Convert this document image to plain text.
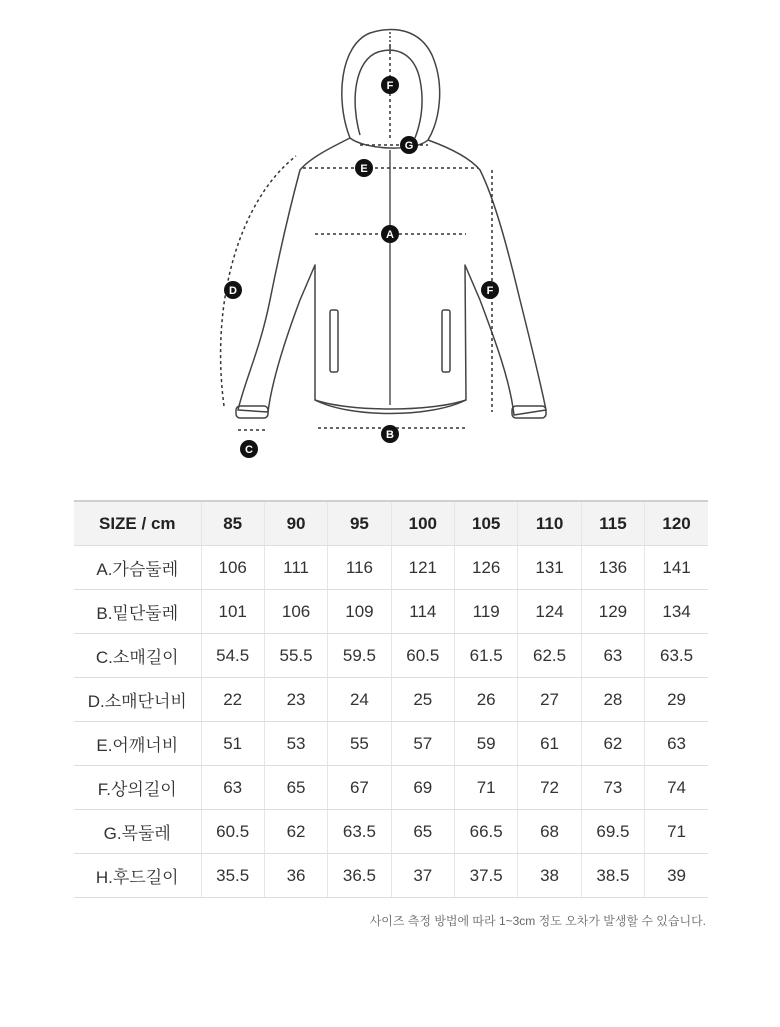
A
B
C
D
E
F
F
G
SIZE / cm	85	90	95	100	105	110	115	120
A.가슴둘레	106	111	116	121	126	131	136	141
B.밑단둘레	101	106	109	114	119	124	129	134
C.소매길이	54.5	55.5	59.5	60.5	61.5	62.5	63	63.5
D.소매단너비	22	23	24	25	26	27	28	29
E.어깨너비	51	53	55	57	59	61	62	63
F.상의길이	63	65	67	69	71	72	73	74
G.목둘레	60.5	62	63.5	65	66.5	68	69.5	71
H.후드길이	35.5	36	36.5	37	37.5	38	38.5	39
사이즈 측정 방법에 따라 1~3cm 정도 오차가 발생할 수 있습니다.
